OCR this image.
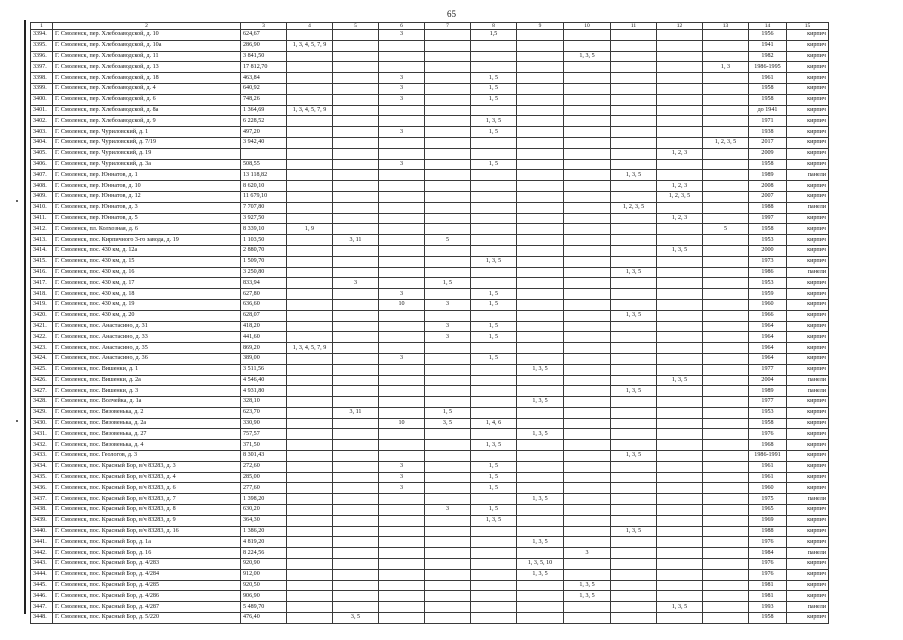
65
1	2	3	4	5	6	7	8	9	10	11	12	13	14	15
3394.	Г. Смоленск, пер. Хлебозаводской, д. 10	624,67			3		1,5						1956	кирпич
3395.	Г. Смоленск, пер. Хлебозаводской, д. 10а	286,90	1, 3, 4, 5, 7, 9										1941	кирпич
3396.	Г. Смоленск, пер. Хлебозаводской, д. 11	3 841,50							1, 3, 5				1982	кирпич
3397.	Г. Смоленск, пер. Хлебозаводской, д. 13	17 812,70										1, 3	1986-1995	кирпич
3398.	Г. Смоленск, пер. Хлебозаводской, д. 18	463,84			3		1, 5						1961	кирпич
3399.	Г. Смоленск, пер. Хлебозаводской, д. 4	640,92			3		1, 5						1958	кирпич
3400.	Г. Смоленск, пер. Хлебозаводской, д. 6	748,26			3		1, 5						1958	кирпич
3401.	Г. Смоленск, пер. Хлебозаводской, д. 8а	1 364,69	1, 3, 4, 5, 7, 9										до 1941	кирпич
3402.	Г. Смоленск, пер. Хлебозаводской, д. 9	6 228,52					1, 3, 5						1971	кирпич
3403.	Г. Смоленск, пер. Чуриловский, д. 1	497,20			3		1, 5						1938	кирпич
3404.	Г. Смоленск, пер. Чуриловский, д. 7/19	3 942,40										1, 2, 3, 5	2017	кирпич
3405.	Г. Смоленск, пер. Чуриловский, д. 19										1, 2, 3		2009	кирпич
3406.	Г. Смоленск, пер. Чуриловский, д. 3а	508,55			3		1, 5						1958	кирпич
3407.	Г. Смоленск, пер. Юннатов, д. 1	13 118,82								1, 3, 5			1989	панели
3408.	Г. Смоленск, пер. Юннатов, д. 10	8 620,10									1, 2, 3		2008	кирпич
3409.	Г. Смоленск, пер. Юннатов, д. 12	11 679,10									1, 2, 3, 5		2007	кирпич
3410.	Г. Смоленск, пер. Юннатов, д. 3	7 707,80								1, 2, 3, 5			1988	панели
3411.	Г. Смоленск, пер. Юннатов, д. 5	3 927,50									1, 2, 3		1997	кирпич
3412.	Г. Смоленск, пл. Колхозная, д. 6	8 339,10	1, 9									5	1958	кирпич
3413.	Г. Смоленск, пос. Кирпичного 3-го завода, д. 19	1 103,50		3, 11		5							1953	кирпич
3414.	Г. Смоленск, пос. 430 км, д. 12а	2 880,70									1, 3, 5		2000	кирпич
3415.	Г. Смоленск, пос. 430 км, д. 15	1 509,70					1, 3, 5						1973	кирпич
3416.	Г. Смоленск, пос. 430 км, д. 16	3 250,80								1, 3, 5			1986	панели
3417.	Г. Смоленск, пос. 430 км, д. 17	833,94		3		1, 5							1953	кирпич
3418.	Г. Смоленск, пос. 430 км, д. 18	627,80			3		1, 5						1959	кирпич
3419.	Г. Смоленск, пос. 430 км, д. 19	636,60			10	3	1, 5						1960	кирпич
3420.	Г. Смоленск, пос. 430 км, д. 20	628,07								1, 3, 5			1966	кирпич
3421.	Г. Смоленск, пос. Анастасино, д. 31	418,20				3	1, 5						1964	кирпич
3422.	Г. Смоленск, пос. Анастасино, д. 33	441,60				3	1, 5						1964	кирпич
3423.	Г. Смоленск, пос. Анастасино, д. 35	869,20	1, 3, 4, 5, 7, 9										1964	кирпич
3424.	Г. Смоленск, пос. Анастасино, д. 36	389,00			3		1, 5						1964	кирпич
3425.	Г. Смоленск, пос. Вишенки, д. 1	3 511,56						1, 3, 5					1977	кирпич
3426.	Г. Смоленск, пос. Вишенки, д. 2а	4 546,40									1, 3, 5		2004	панели
3427.	Г. Смоленск, пос. Вишенки, д. 3	4 931,80								1, 3, 5			1989	панели
3428.	Г. Смоленск, пос. Волчейка, д. 1а	328,10						1, 3, 5					1977	кирпич
3429.	Г. Смоленск, пос. Вязовенька, д. 2	623,70		3, 11		1, 5							1953	кирпич
3430.	Г. Смоленск, пос. Вязовенька, д. 2а	330,90			10	3, 5	1, 4, 6						1958	кирпич
3431.	Г. Смоленск, пос. Вязовенька, д. 27	757,57						1, 3, 5					1976	кирпич
3432.	Г. Смоленск, пос. Вязовенька, д. 4	371,50					1, 3, 5						1968	кирпич
3433.	Г. Смоленск, пос. Геологов, д. 3	8 301,43								1, 3, 5			1986-1991	кирпич
3434.	Г. Смоленск, пос. Красный Бор, в/ч 83283, д. 3	272,60			3		1, 5						1961	кирпич
3435.	Г. Смоленск, пос. Красный Бор, в/ч 83283, д. 4	285,00			3		1, 5						1961	кирпич
3436.	Г. Смоленск, пос. Красный Бор, в/ч 83283, д. 6	277,60			3		1, 5						1960	кирпич
3437.	Г. Смоленск, пос. Красный Бор, в/ч 83283, д. 7	1 398,20						1, 3, 5					1975	панели
3438.	Г. Смоленск, пос. Красный Бор, в/ч 83283, д. 8	630,20				3	1, 5						1965	кирпич
3439.	Г. Смоленск, пос. Красный Бор, в/ч 83283, д. 9	364,30					1, 3, 5						1969	кирпич
3440.	Г. Смоленск, пос. Красный Бор, в/ч 83283, д. 16	1 386,20								1, 3, 5			1988	кирпич
3441.	Г. Смоленск, пос. Красный Бор, д. 1а	4 819,20						1, 3, 5					1976	кирпич
3442.	Г. Смоленск, пос. Красный Бор, д. 16	8 224,56							3				1984	панели
3443.	Г. Смоленск, пос. Красный Бор, д. 4/283	920,90						1, 3, 5, 10					1976	кирпич
3444.	Г. Смоленск, пос. Красный Бор, д. 4/284	912,00						1, 3, 5					1976	кирпич
3445.	Г. Смоленск, пос. Красный Бор, д. 4/285	920,50							1, 3, 5				1981	кирпич
3446.	Г. Смоленск, пос. Красный Бор, д. 4/286	906,90							1, 3, 5				1981	кирпич
3447.	Г. Смоленск, пос. Красный Бор, д. 4/287	5 489,70									1, 3, 5		1993	панели
3448.	Г. Смоленск, пос. Красный Бор, д. 5/220	476,40		3, 5									1958	кирпич
